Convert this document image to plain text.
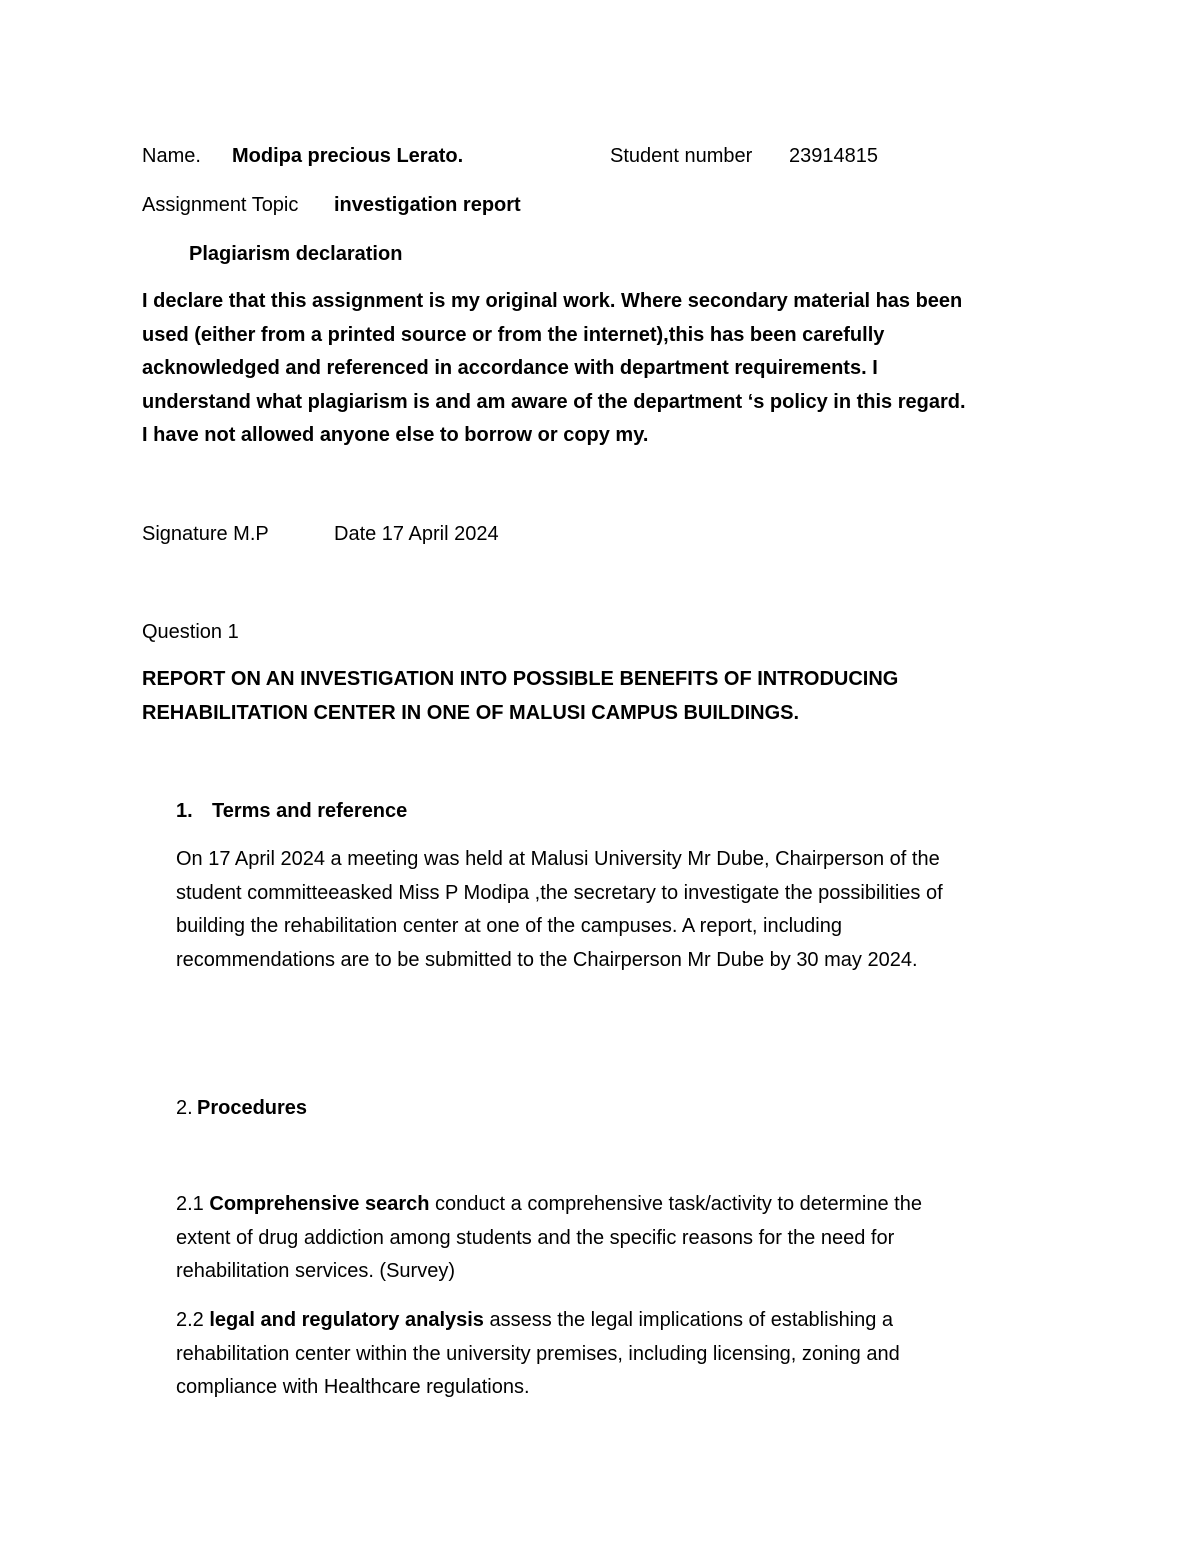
Name. Modipa precious Lerato.	Student number 23914815
Assignment Topic investigation report
Plagiarism declaration
I declare that this assignment is my original work. Where secondary material has been
used (either from a printed source or from the internet),this has been carefully
acknowledged and referenced in accordance with department requirements. I
understand what plagiarism is and am aware of the department ‘s policy in this regard.
I have not allowed anyone else to borrow or copy my.
Signature M.P	Date 17 April 2024
Question 1
REPORT ON AN INVESTIGATION INTO POSSIBLE BENEFITS OF INTRODUCING
REHABILITATION CENTER IN ONE OF MALUSI CAMPUS BUILDINGS.
1. Terms and reference
On 17 April 2024 a meeting was held at Malusi University Mr Dube, Chairperson of the
student committeeasked Miss P Modipa ,the secretary to investigate the possibilities of
building the rehabilitation center at one of the campuses. A report, including
recommendations are to be submitted to the Chairperson Mr Dube by 30 may 2024.
2. Procedures
2.1 Comprehensive search conduct a comprehensive task/activity to determine the
extent of drug addiction among students and the specific reasons for the need for
rehabilitation services. (Survey)
2.2 legal and regulatory analysis assess the legal implications of establishing a
rehabilitation center within the university premises, including licensing, zoning and
compliance with Healthcare regulations.
